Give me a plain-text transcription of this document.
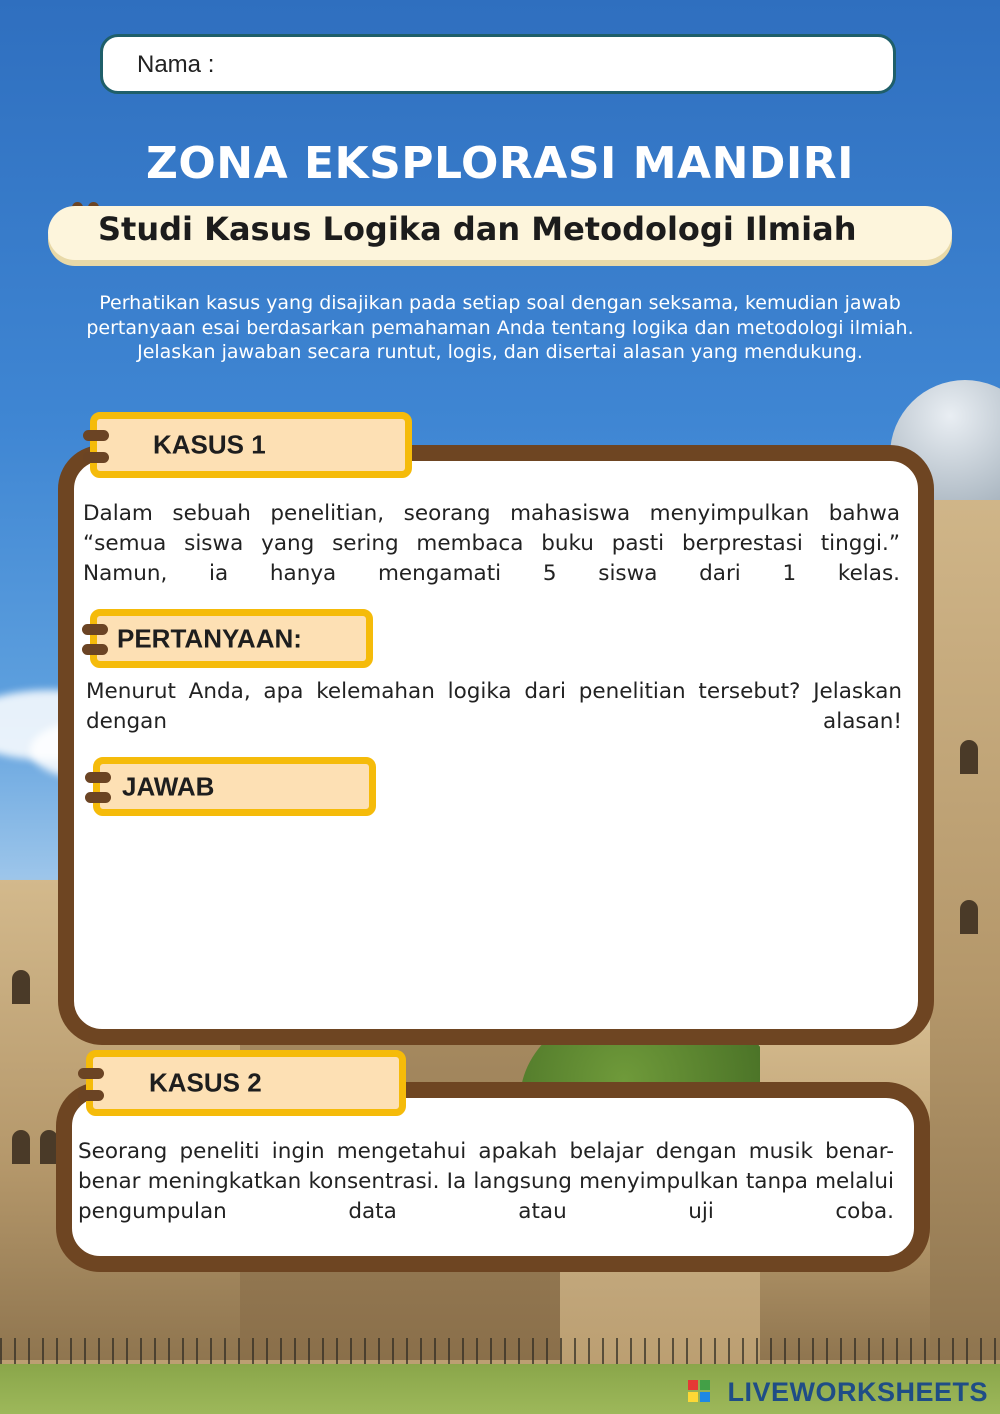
Nama :
ZONA EKSPLORASI MANDIRI
Studi Kasus Logika dan Metodologi Ilmiah
Perhatikan kasus yang disajikan pada setiap soal dengan seksama, kemudian jawab pertanyaan esai berdasarkan pemahaman Anda tentang logika dan metodologi ilmiah. Jelaskan jawaban secara runtut, logis, dan disertai alasan yang mendukung.
KASUS 1
Dalam sebuah penelitian, seorang mahasiswa menyimpulkan bahwa “semua siswa yang sering membaca buku pasti berprestasi tinggi.” Namun, ia hanya mengamati 5 siswa dari 1 kelas.
PERTANYAAN:
Menurut Anda, apa kelemahan logika dari penelitian tersebut? Jelaskan dengan alasan!
JAWAB
KASUS 2
Seorang peneliti ingin mengetahui apakah belajar dengan musik benar-benar meningkatkan konsentrasi. Ia langsung menyimpulkan tanpa melalui pengumpulan data atau uji coba.
LIVEWORKSHEETS
